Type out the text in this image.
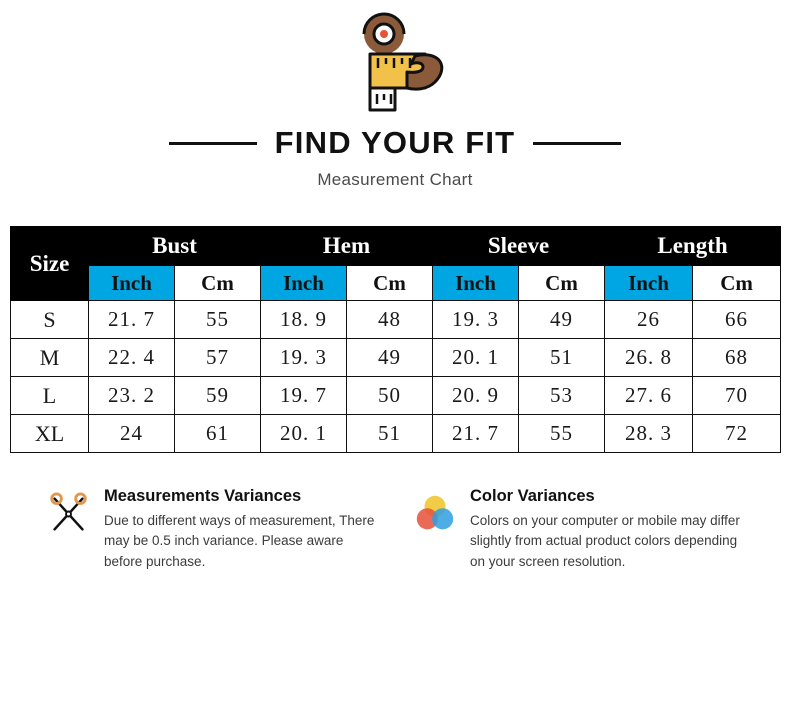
FIND YOUR FIT
Measurement Chart
Size	Bust		Hem		Sleeve		Length	
	Inch	Cm	Inch	Cm	Inch	Cm	Inch	Cm
S	21. 7	55	18. 9	48	19. 3	49	26	66
M	22. 4	57	19. 3	49	20. 1	51	26. 8	68
L	23. 2	59	19. 7	50	20. 9	53	27. 6	70
XL	24	61	20. 1	51	21. 7	55	28. 3	72
Measurements Variances
Due to different ways of measurement, There may be 0.5 inch variance. Please aware before purchase.
Color Variances
Colors on your computer or mobile may differ slightly from actual product colors depending on your screen resolution.
